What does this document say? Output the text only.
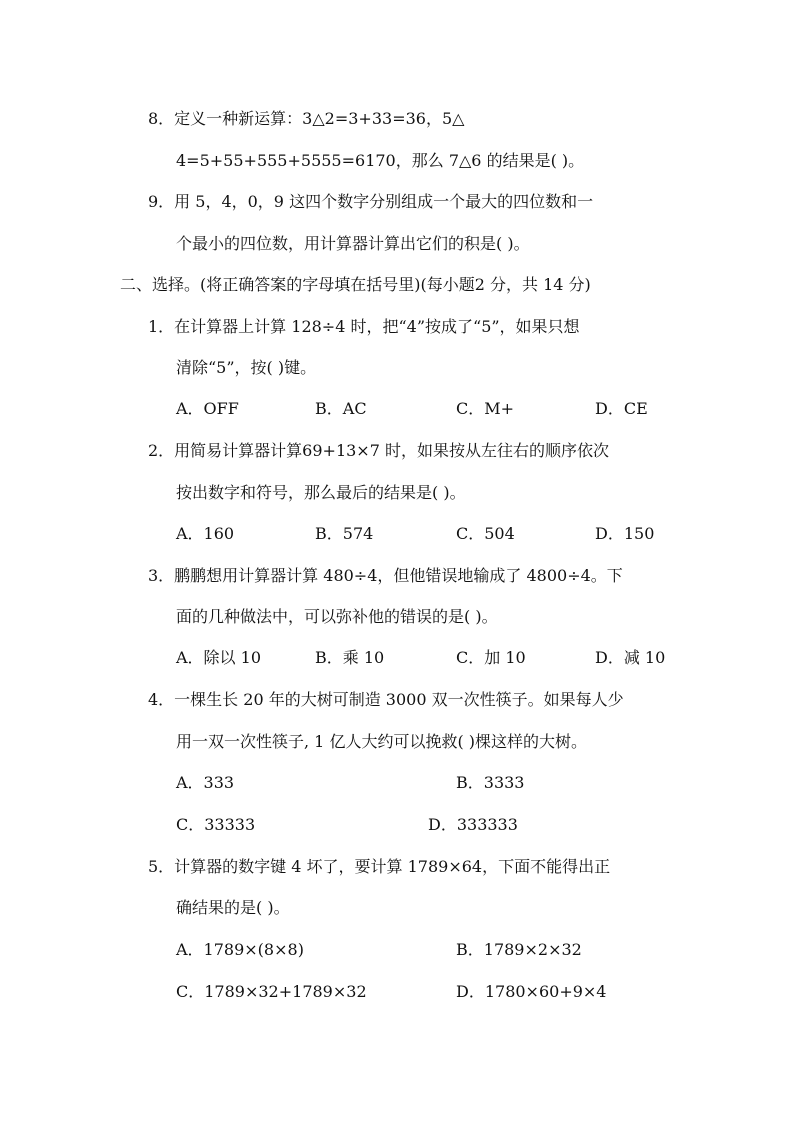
8．定义一种新运算：3△2=3+33=36，5△
4=5+55+555+5555=6170，那么 7△6 的结果是( )。
9．用 5，4，0，9 这四个数字分别组成一个最大的四位数和一
个最小的四位数，用计算器计算出它们的积是( )。
二、选择。(将正确答案的字母填在括号里)(每小题2 分，共 14 分)
1．在计算器上计算 128÷4 时，把“4”按成了“5”，如果只想
清除“5”，按( )键。
A．OFF	B．AC	C．M+	D．CE
2．用简易计算器计算69+13×7 时，如果按从左往右的顺序依次
按出数字和符号，那么最后的结果是( )。
A．160	B．574	C．504	D．150
3．鹏鹏想用计算器计算 480÷4，但他错误地输成了 4800÷4。下
面的几种做法中，可以弥补他的错误的是( )。
A．除以 10	B．乘 10	C．加 10	D．减 10
4．一棵生长 20 年的大树可制造 3000 双一次性筷子。如果每人少
用一双一次性筷子, 1 亿人大约可以挽救( )棵这样的大树。
A．333	B．3333
C．33333	D．333333
5．计算器的数字键 4 坏了，要计算 1789×64，下面不能得出正
确结果的是( )。
A．1789×(8×8)	B．1789×2×32
C．1789×32+1789×32	D．1780×60+9×4
